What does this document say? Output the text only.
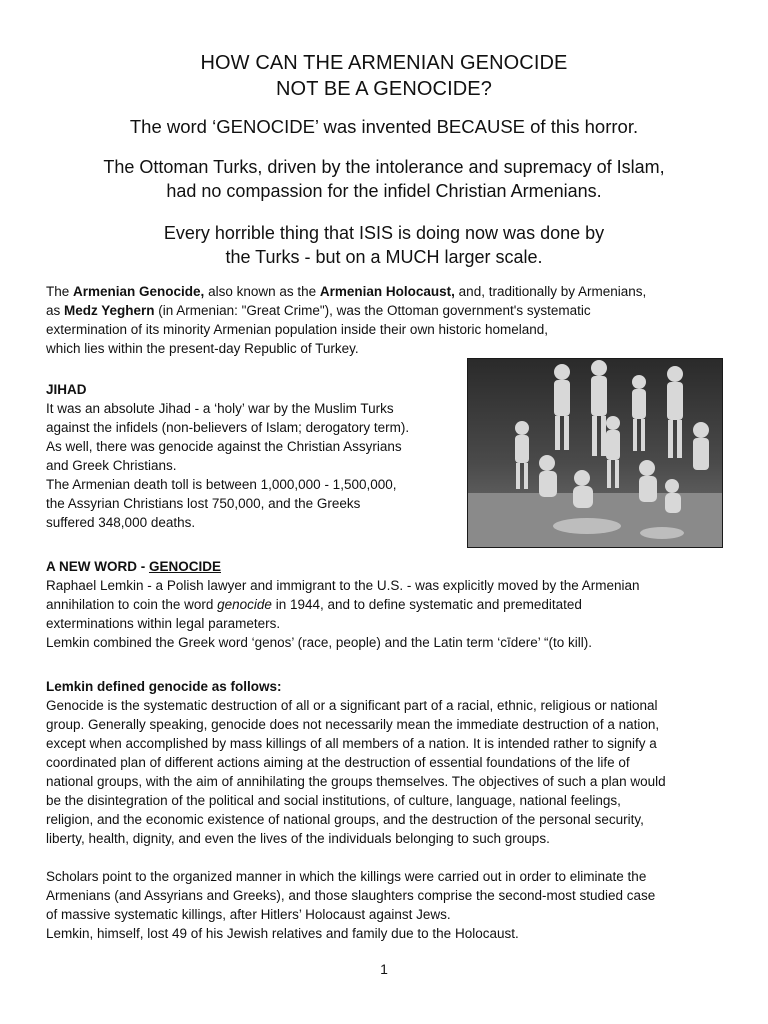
HOW CAN THE ARMENIAN GENOCIDE
NOT BE A GENOCIDE?

The word ‘GENOCIDE’ was invented BECAUSE of this horror.

The Ottoman Turks, driven by the intolerance and supremacy of Islam,
had no compassion for the infidel Christian Armenians.

Every horrible thing that ISIS is doing now was done by
the Turks - but on a MUCH larger scale.

The Armenian Genocide, also known as the Armenian Holocaust, and, traditionally by Armenians,
as Medz Yeghern (in Armenian: "Great Crime"), was the Ottoman government's systematic
extermination of its minority Armenian population inside their own historic homeland,
which lies within the present-day Republic of Turkey.

JIHAD
It was an absolute Jihad - a ‘holy’ war by the Muslim Turks
against the infidels (non-believers of Islam; derogatory term).
As well, there was genocide against the Christian Assyrians
and Greek Christians.
The Armenian death toll is between 1,000,000 - 1,500,000,
the Assyrian Christians lost 750,000, and the Greeks
suffered 348,000 deaths.
A NEW WORD - GENOCIDE
Raphael Lemkin - a Polish lawyer and immigrant to the U.S. - was explicitly moved by the Armenian
annihilation to coin the word genocide in 1944, and to define systematic and premeditated
exterminations within legal parameters.
Lemkin combined the Greek word ‘genos’ (race, people) and the Latin term ‘cīdere’ “(to kill).
Lemkin defined genocide as follows:
Genocide is the systematic destruction of all or a significant part of a racial, ethnic, religious or national
group. Generally speaking, genocide does not necessarily mean the immediate destruction of a nation,
except when accomplished by mass killings of all members of a nation. It is intended rather to signify a
coordinated plan of different actions aiming at the destruction of essential foundations of the life of
national groups, with the aim of annihilating the groups themselves. The objectives of such a plan would
be the disintegration of the political and social institutions, of culture, language, national feelings,
religion, and the economic existence of national groups, and the destruction of the personal security,
liberty, health, dignity, and even the lives of the individuals belonging to such groups.
Scholars point to the organized manner in which the killings were carried out in order to eliminate the
Armenians (and Assyrians and Greeks), and those slaughters comprise the second-most studied case
of massive systematic killings, after Hitlers’ Holocaust against Jews.
Lemkin, himself, lost 49 of his Jewish relatives and family due to the Holocaust.
1
